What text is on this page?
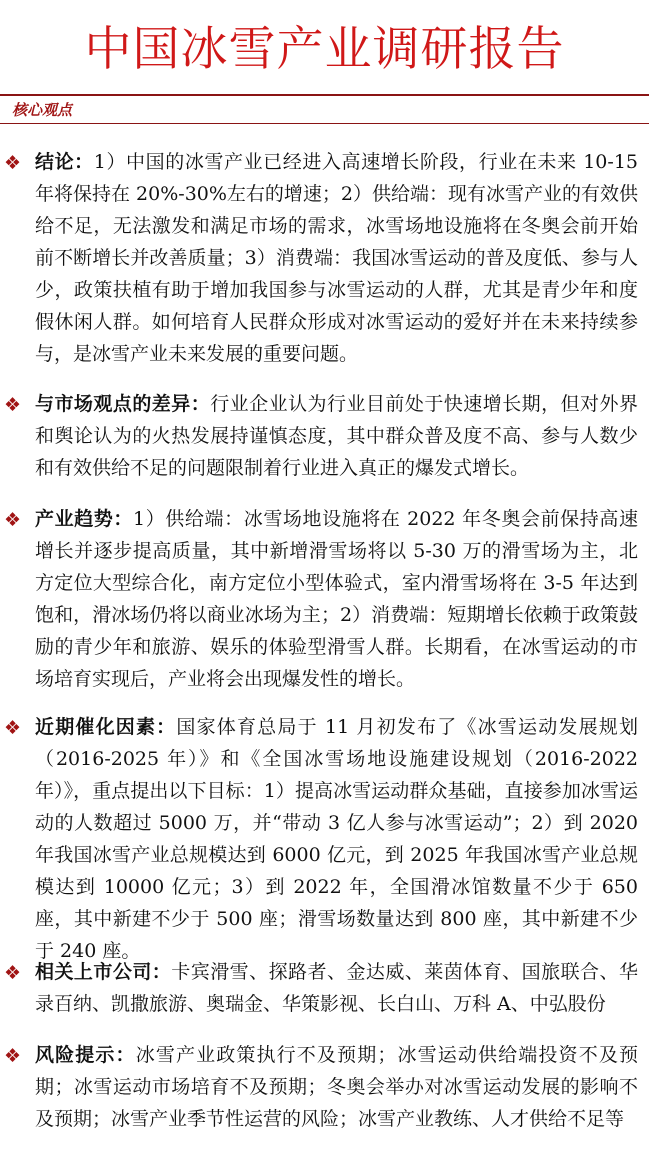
中国冰雪产业调研报告
核心观点
❖ 结论：1）中国的冰雪产业已经进入高速增长阶段，行业在未来 10-15 年将保持在 20%-30%左右的增速；2）供给端：现有冰雪产业的有效供给不足，无法激发和满足市场的需求，冰雪场地设施将在冬奥会前开始前不断增长并改善质量；3）消费端：我国冰雪运动的普及度低、参与人少，政策扶植有助于增加我国参与冰雪运动的人群，尤其是青少年和度假休闲人群。如何培育人民群众形成对冰雪运动的爱好并在未来持续参与，是冰雪产业未来发展的重要问题。
❖ 与市场观点的差异：行业企业认为行业目前处于快速增长期，但对外界和舆论认为的火热发展持谨慎态度，其中群众普及度不高、参与人数少和有效供给不足的问题限制着行业进入真正的爆发式增长。
❖ 产业趋势：1）供给端：冰雪场地设施将在 2022 年冬奥会前保持高速增长并逐步提高质量，其中新增滑雪场将以 5-30 万的滑雪场为主，北方定位大型综合化，南方定位小型体验式，室内滑雪场将在 3-5 年达到饱和，滑冰场仍将以商业冰场为主；2）消费端：短期增长依赖于政策鼓励的青少年和旅游、娱乐的体验型滑雪人群。长期看，在冰雪运动的市场培育实现后，产业将会出现爆发性的增长。
❖ 近期催化因素：国家体育总局于 11 月初发布了《冰雪运动发展规划（2016-2025 年）》和《全国冰雪场地设施建设规划（2016-2022 年）》，重点提出以下目标：1）提高冰雪运动群众基础，直接参加冰雪运动的人数超过 5000 万，并“带动 3 亿人参与冰雪运动”；2）到 2020 年我国冰雪产业总规模达到 6000 亿元，到 2025 年我国冰雪产业总规模达到 10000 亿元；3）到 2022 年，全国滑冰馆数量不少于 650 座，其中新建不少于 500 座；滑雪场数量达到 800 座，其中新建不少于 240 座。
❖ 相关上市公司：卡宾滑雪、探路者、金达威、莱茵体育、国旅联合、华录百纳、凯撒旅游、奥瑞金、华策影视、长白山、万科 A、中弘股份
❖ 风险提示：冰雪产业政策执行不及预期；冰雪运动供给端投资不及预期；冰雪运动市场培育不及预期；冬奥会举办对冰雪运动发展的影响不及预期；冰雪产业季节性运营的风险；冰雪产业教练、人才供给不足等
